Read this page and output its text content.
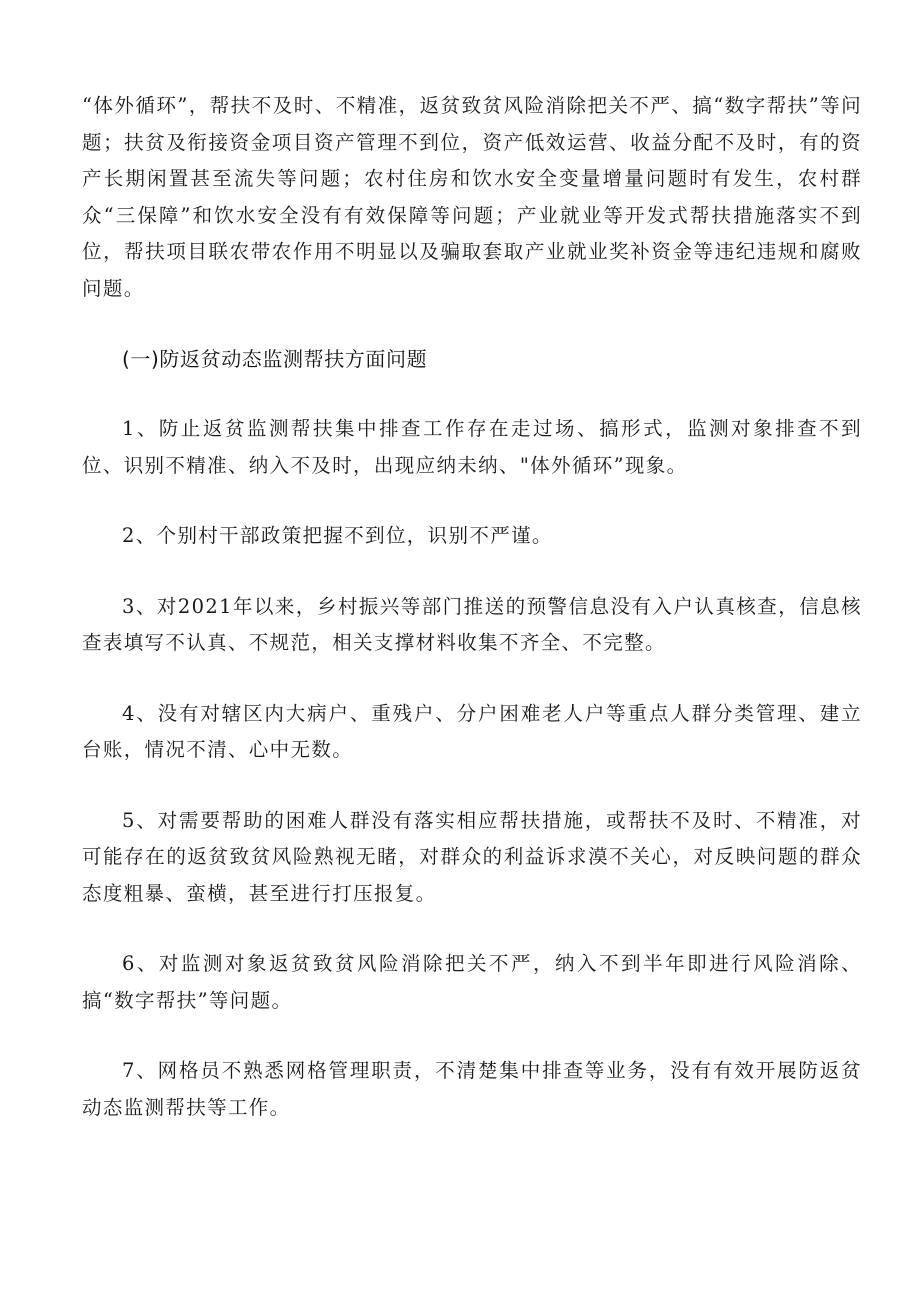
“体外循环”，帮扶不及时、不精准，返贫致贫风险消除把关不严、搞“数字帮扶”等问题；扶贫及衔接资金项目资产管理不到位，资产低效运营、收益分配不及时，有的资产长期闲置甚至流失等问题；农村住房和饮水安全变量增量问题时有发生，农村群众“三保障”和饮水安全没有有效保障等问题；产业就业等开发式帮扶措施落实不到位，帮扶项目联农带农作用不明显以及骗取套取产业就业奖补资金等违纪违规和腐败问题。

(一)防返贫动态监测帮扶方面问题

1、防止返贫监测帮扶集中排查工作存在走过场、搞形式，监测对象排查不到位、识别不精准、纳入不及时，出现应纳未纳、"体外循环”现象。

2、个别村干部政策把握不到位，识别不严谨。

3、对2021年以来，乡村振兴等部门推送的预警信息没有入户认真核查，信息核查表填写不认真、不规范，相关支撑材料收集不齐全、不完整。

4、没有对辖区内大病户、重残户、分户困难老人户等重点人群分类管理、建立台账，情况不清、心中无数。

5、对需要帮助的困难人群没有落实相应帮扶措施，或帮扶不及时、不精准，对可能存在的返贫致贫风险熟视无睹，对群众的利益诉求漠不关心，对反映问题的群众态度粗暴、蛮横，甚至进行打压报复。

6、对监测对象返贫致贫风险消除把关不严，纳入不到半年即进行风险消除、搞“数字帮扶”等问题。

7、网格员不熟悉网格管理职责，不清楚集中排查等业务，没有有效开展防返贫动态监测帮扶等工作。
